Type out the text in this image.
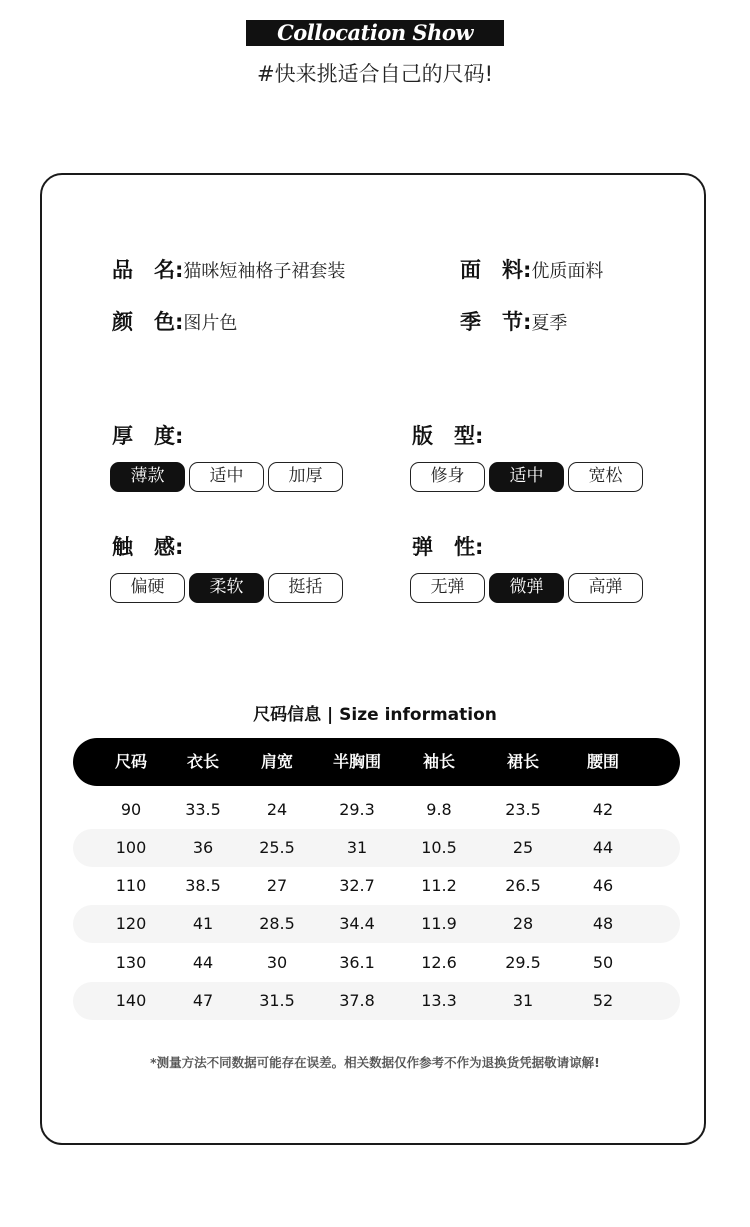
Collocation Show
#快来挑适合自己的尺码!
品　名:猫咪短袖格子裙套装	面　料:优质面料
颜　色:图片色	季　节:夏季
厚　度:
薄款	适中	加厚
版　型:
修身	适中	宽松
触　感:
偏硬	柔软	挺括
弹　性:
无弹	微弹	高弹
尺码信息 | Size information
尺码	衣长	肩宽	半胸围	袖长	裙长	腰围
90	33.5	24	29.3	9.8	23.5	42
100	36	25.5	31	10.5	25	44
110	38.5	27	32.7	11.2	26.5	46
120	41	28.5	34.4	11.9	28	48
130	44	30	36.1	12.6	29.5	50
140	47	31.5	37.8	13.3	31	52
*测量方法不同数据可能存在误差。相关数据仅作参考不作为退换货凭据敬请谅解!
